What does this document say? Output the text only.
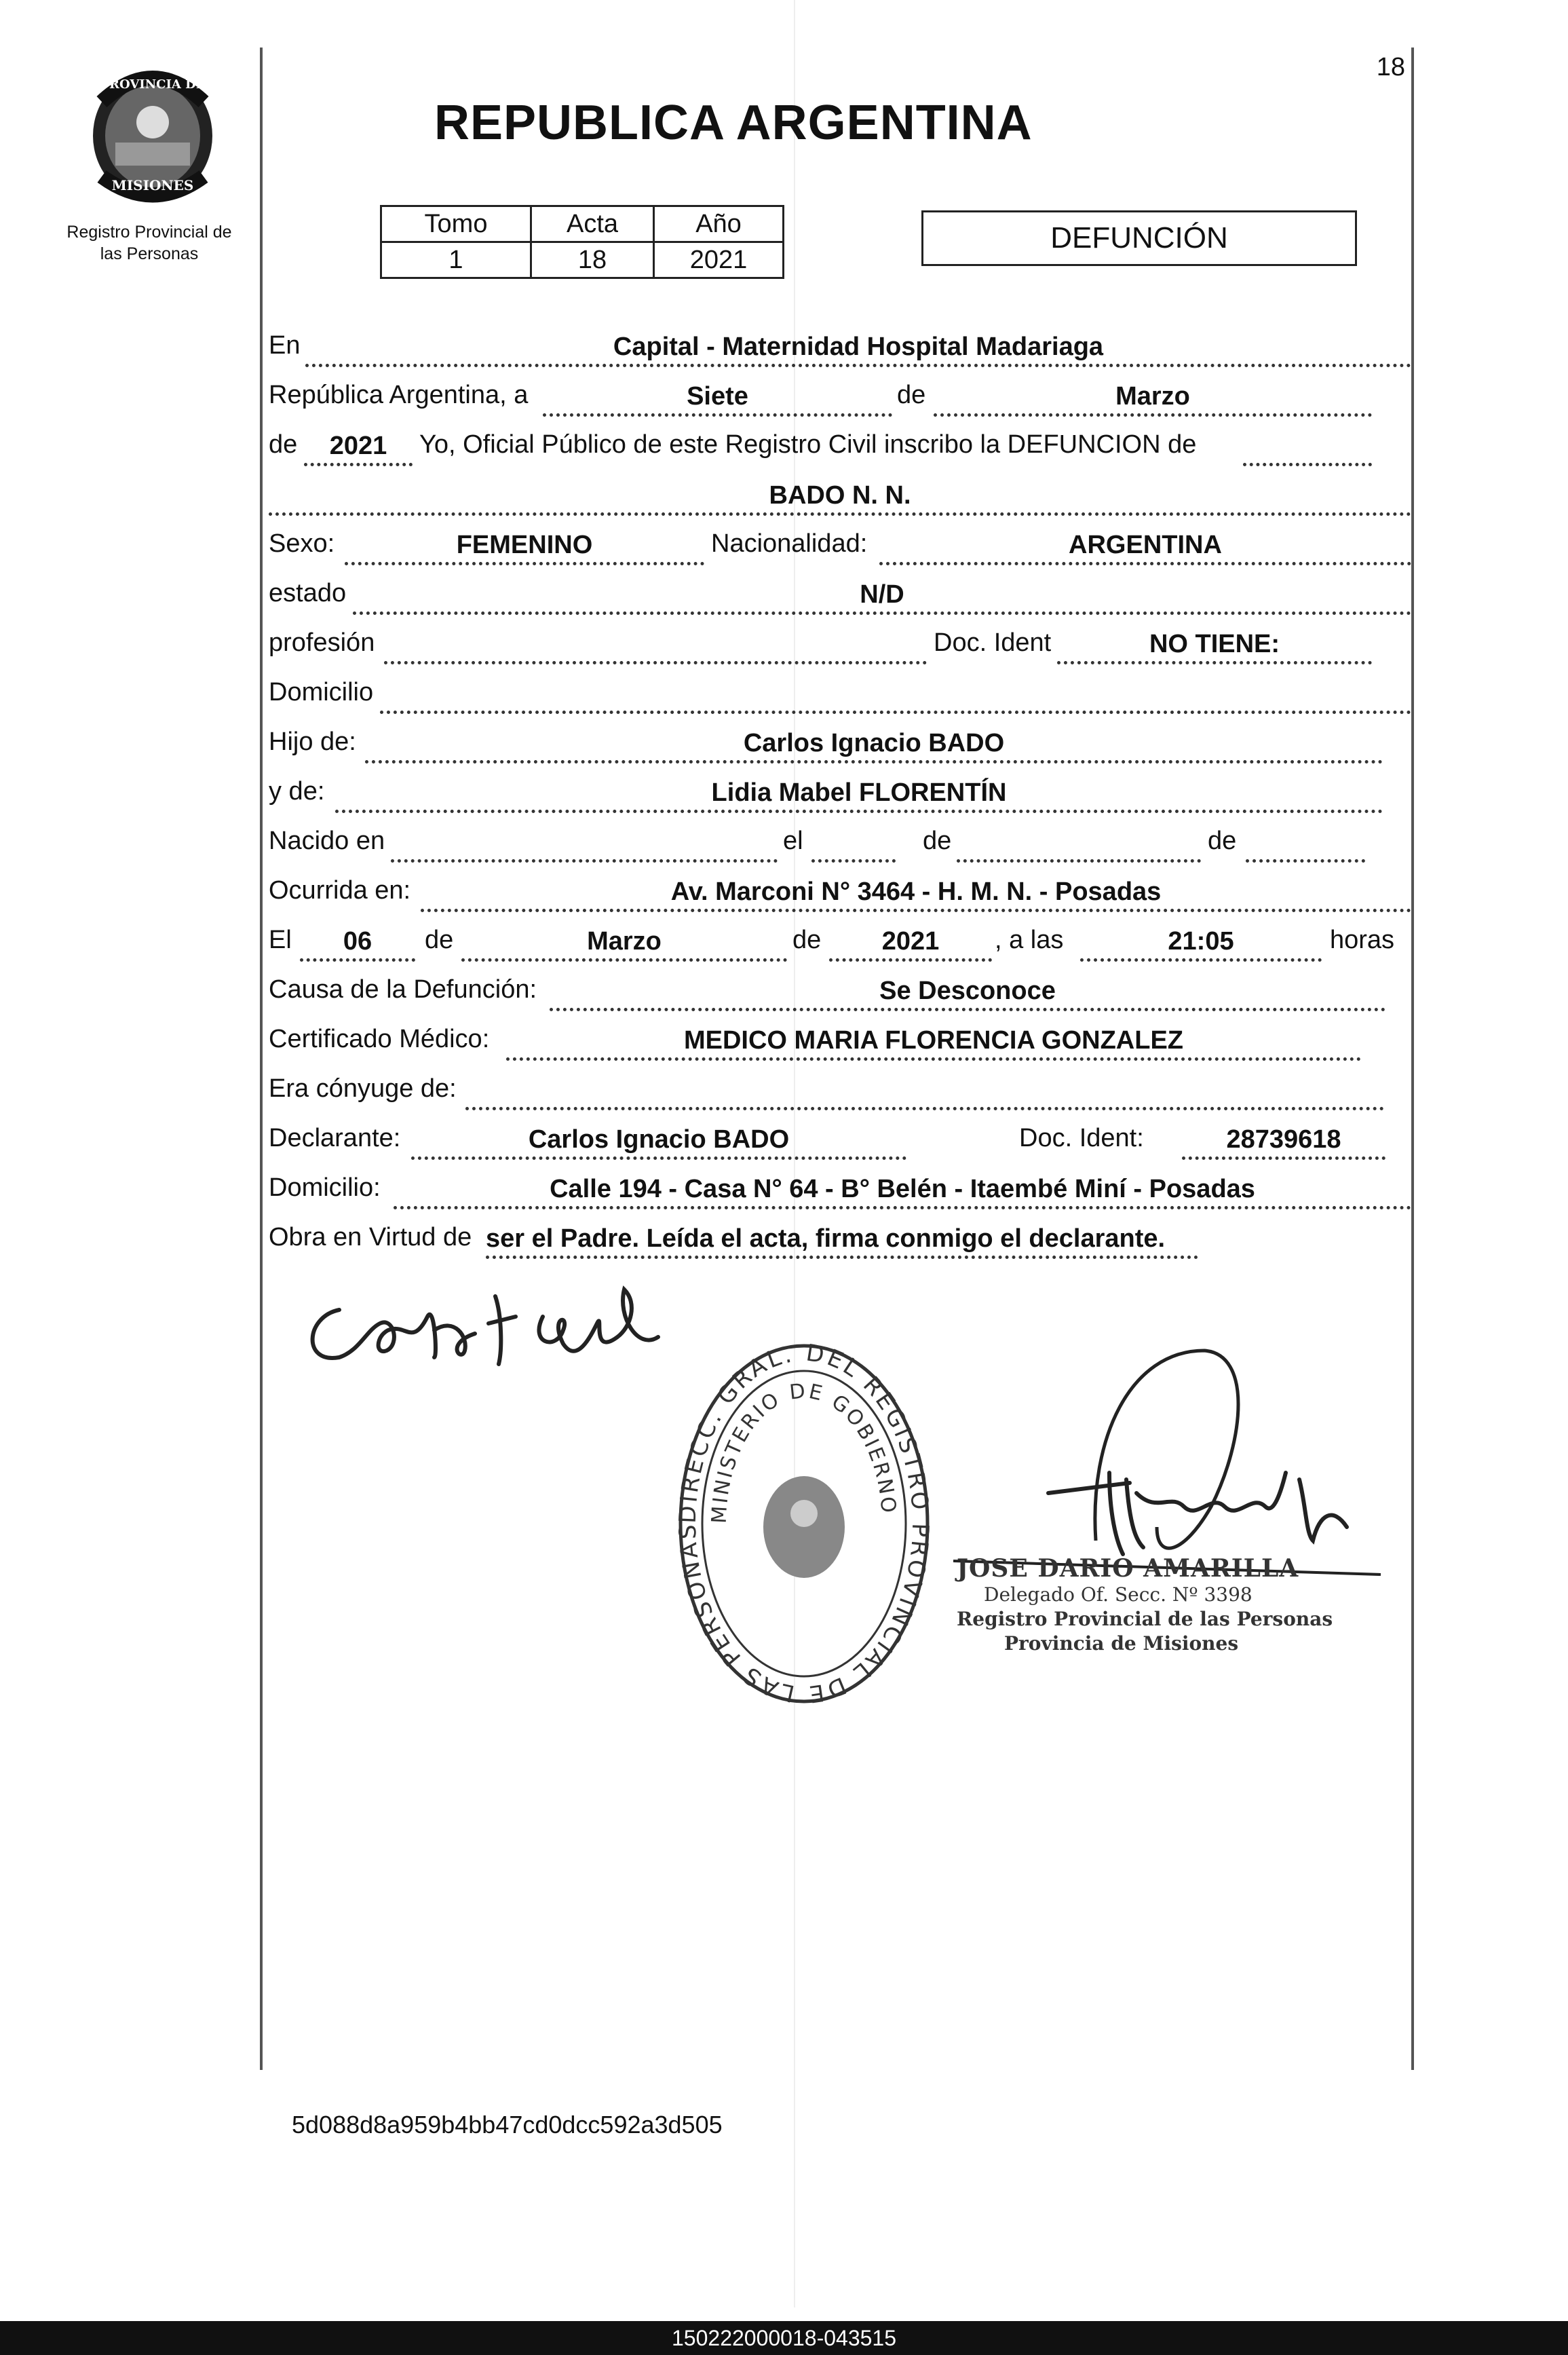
18
PROVINCIA DE
MISIONES
Registro Provincial de
las Personas
REPUBLICA ARGENTINA
Tomo	Acta	Año
1	18	2021
DEFUNCIÓN
En	Capital - Maternidad Hospital Madariaga
República Argentina, a	Siete	de	Marzo
de	2021	Yo, Oficial Público de este Registro Civil inscribo la DEFUNCION de
BADO N. N.
Sexo:	FEMENINO	Nacionalidad:	ARGENTINA
estado	N/D
profesión	Doc. Ident	NO TIENE:
Domicilio
Hijo de:	Carlos Ignacio BADO
y de:	Lidia Mabel FLORENTÍN
Nacido en	el	de	de
Ocurrida en:	Av. Marconi N° 3464 - H. M. N. - Posadas
El	06	de	Marzo	de	2021	, a las	21:05	horas
Causa de la Defunción:	Se Desconoce
Certificado Médico:	MEDICO MARIA FLORENCIA GONZALEZ
Era cónyuge de:
Declarante:	Carlos Ignacio BADO	Doc. Ident:	28739618
Domicilio:	Calle 194 - Casa N° 64 - B° Belén - Itaembé Miní - Posadas
Obra en Virtud de ser el Padre. Leída el acta, firma conmigo el declarante.
DIRECC. GRAL. DEL REGISTRO PROVINCIAL DE LAS PERSONAS
MINISTERIO DE GOBIERNO
JOSE DARIO AMARILLA
Delegado Of. Secc. Nº 3398
Registro Provincial de las Personas
Provincia de Misiones
5d088d8a959b4bb47cd0dcc592a3d505
150222000018-043515
